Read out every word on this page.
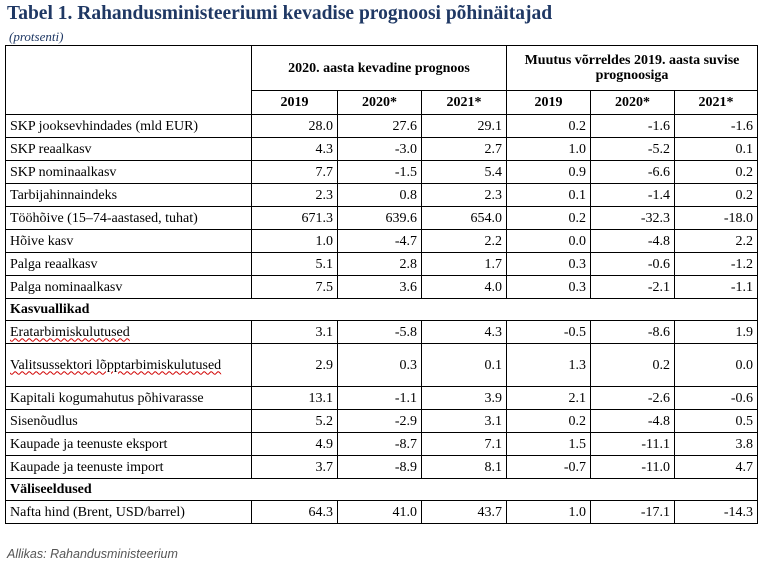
Tabel 1. Rahandusministeeriumi kevadise prognoosi põhinäitajad
(protsenti)
	2020. aasta kevadine prognoos			Muutus võrreldes 2019. aasta suvise prognoosiga		
	2019	2020*	2021*	2019	2020*	2021*
SKP jooksevhindades (mld EUR)	28.0	27.6	29.1	0.2	-1.6	-1.6
SKP reaalkasv	4.3	-3.0	2.7	1.0	-5.2	0.1
SKP nominaalkasv	7.7	-1.5	5.4	0.9	-6.6	0.2
Tarbijahinnaindeks	2.3	0.8	2.3	0.1	-1.4	0.2
Tööhõive (15–74-aastased, tuhat)	671.3	639.6	654.0	0.2	-32.3	-18.0
Hõive kasv	1.0	-4.7	2.2	0.0	-4.8	2.2
Palga reaalkasv	5.1	2.8	1.7	0.3	-0.6	-1.2
Palga nominaalkasv	7.5	3.6	4.0	0.3	-2.1	-1.1
Kasvuallikad						
Eratarbimiskulutused	3.1	-5.8	4.3	-0.5	-8.6	1.9
Valitsussektori lõpptarbimiskulutused	2.9	0.3	0.1	1.3	0.2	0.0
Kapitali kogumahutus põhivarasse	13.1	-1.1	3.9	2.1	-2.6	-0.6
Sisenõudlus	5.2	-2.9	3.1	0.2	-4.8	0.5
Kaupade ja teenuste eksport	4.9	-8.7	7.1	1.5	-11.1	3.8
Kaupade ja teenuste import	3.7	-8.9	8.1	-0.7	-11.0	4.7
Väliseeldused						
Nafta hind (Brent, USD/barrel)	64.3	41.0	43.7	1.0	-17.1	-14.3
Allikas: Rahandusministeerium
